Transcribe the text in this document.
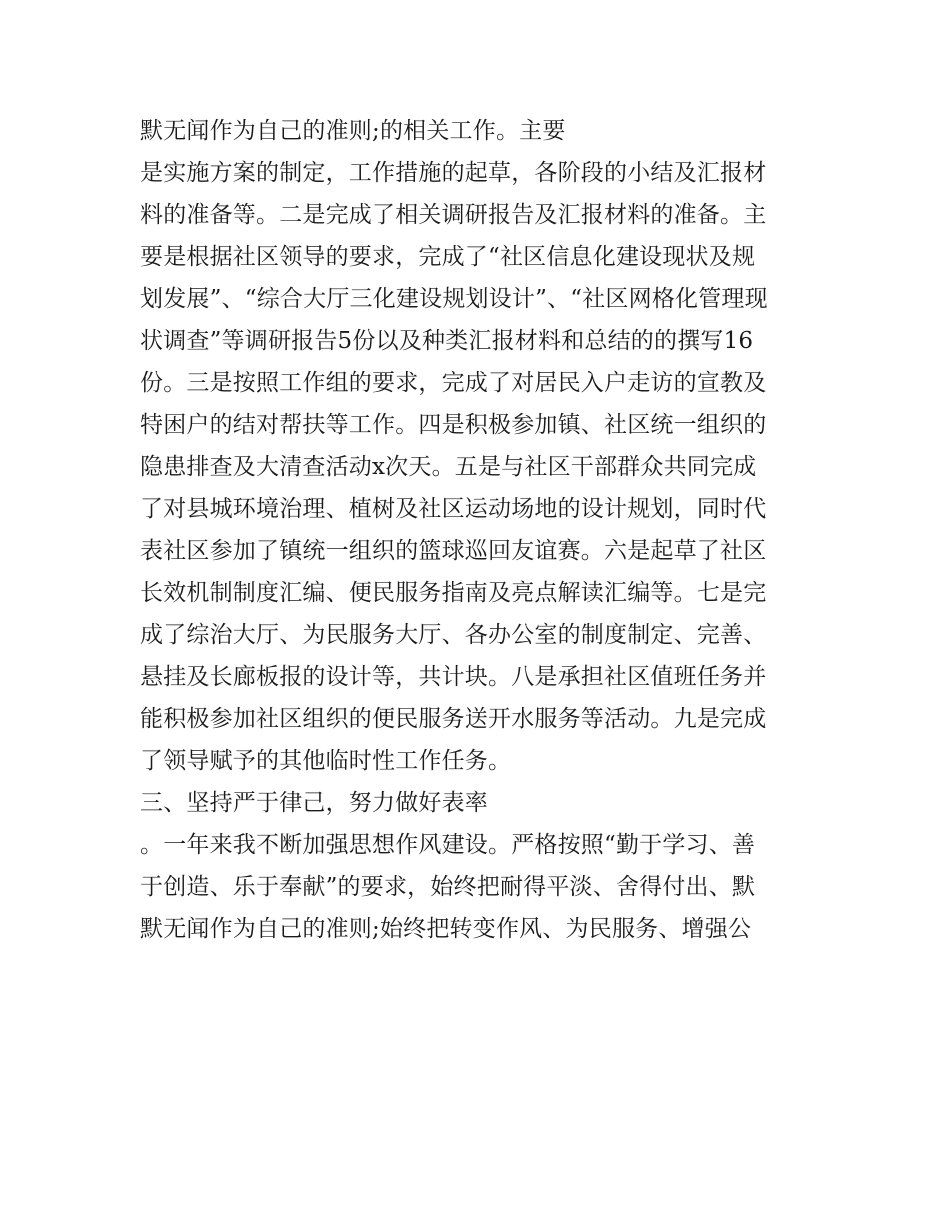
默无闻作为自己的准则;的相关工作。主要
是实施方案的制定，工作措施的起草，各阶段的小结及汇报材
料的准备等。二是完成了相关调研报告及汇报材料的准备。主
要是根据社区领导的要求，完成了“社区信息化建设现状及规
划发展”、“综合大厅三化建设规划设计”、“社区网格化管理现
状调查”等调研报告5份以及种类汇报材料和总结的的撰写16
份。三是按照工作组的要求，完成了对居民入户走访的宣教及
特困户的结对帮扶等工作。四是积极参加镇、社区统一组织的
隐患排查及大清查活动x次天。五是与社区干部群众共同完成
了对县城环境治理、植树及社区运动场地的设计规划，同时代
表社区参加了镇统一组织的篮球巡回友谊赛。六是起草了社区
长效机制制度汇编、便民服务指南及亮点解读汇编等。七是完
成了综治大厅、为民服务大厅、各办公室的制度制定、完善、
悬挂及长廊板报的设计等，共计块。八是承担社区值班任务并
能积极参加社区组织的便民服务送开水服务等活动。九是完成
了领导赋予的其他临时性工作任务。
三、坚持严于律己，努力做好表率
。一年来我不断加强思想作风建设。严格按照“勤于学习、善
于创造、乐于奉献”的要求，始终把耐得平淡、舍得付出、默
默无闻作为自己的准则;始终把转变作风、为民服务、增强公
